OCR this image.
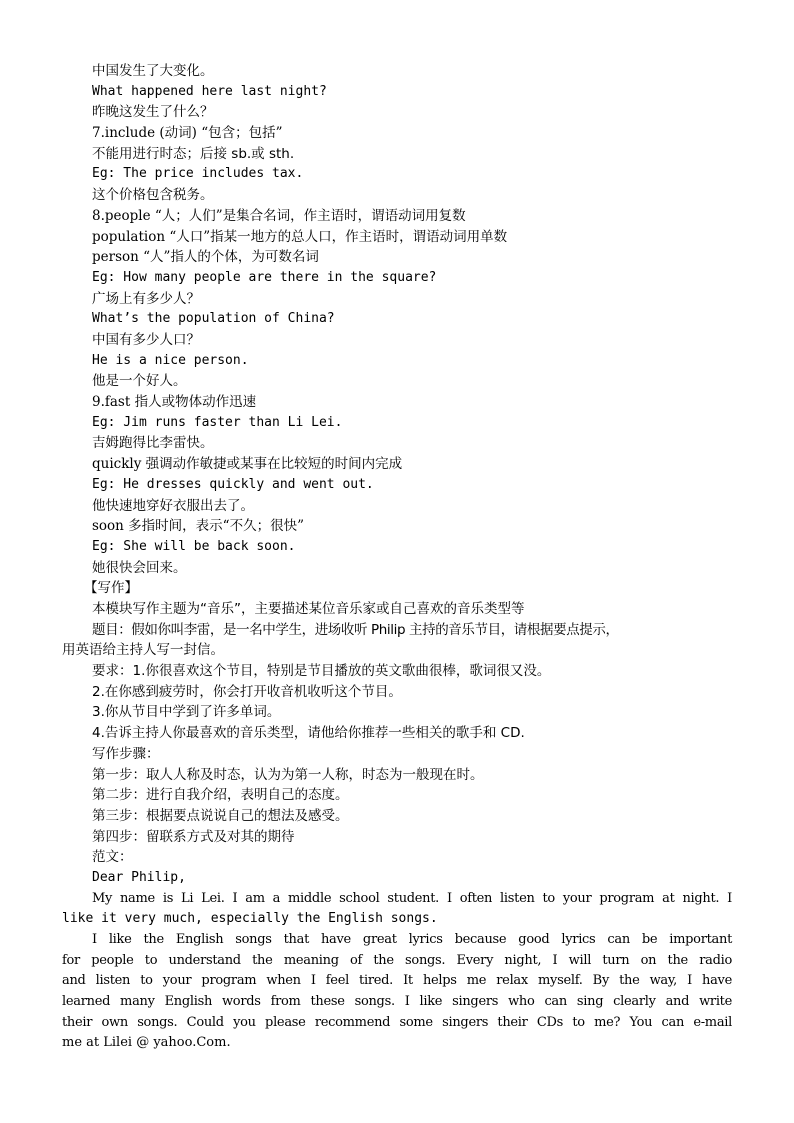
中国发生了大变化。
What happened here last night?
昨晚这发生了什么？
7.include (动词) “包含；包括”
不能用进行时态；后接 sb.或 sth.
Eg: The price includes tax.
这个价格包含税务。
8.people “人；人们”是集合名词，作主语时，谓语动词用复数
population “人口”指某一地方的总人口，作主语时，谓语动词用单数
person “人”指人的个体，为可数名词
Eg: How many people are there in the square?
广场上有多少人？
What’s the population of China?
中国有多少人口？
He is a nice person.
他是一个好人。
9.fast 指人或物体动作迅速
Eg: Jim runs faster than Li Lei.
吉姆跑得比李雷快。
quickly 强调动作敏捷或某事在比较短的时间内完成
Eg: He dresses quickly and went out.
他快速地穿好衣服出去了。
soon 多指时间，表示“不久；很快”
Eg: She will be back soon.
她很快会回来。
【写作】
本模块写作主题为“音乐”，主要描述某位音乐家或自己喜欢的音乐类型等
题目：假如你叫李雷，是一名中学生，进场收听 Philip 主持的音乐节目，请根据要点提示，
用英语给主持人写一封信。
要求：1.你很喜欢这个节目，特别是节目播放的英文歌曲很棒，歌词很又没。
2.在你感到疲劳时，你会打开收音机收听这个节目。
3.你从节目中学到了许多单词。
4.告诉主持人你最喜欢的音乐类型，请他给你推荐一些相关的歌手和 CD.
写作步骤：
第一步：取人人称及时态，认为为第一人称，时态为一般现在时。
第二步：进行自我介绍，表明自己的态度。
第三步：根据要点说说自己的想法及感受。
第四步：留联系方式及对其的期待
范文：
Dear Philip,
My name is Li Lei. I am a middle school student. I often listen to your program at night. I
like it very much, especially the English songs.
I like the English songs that have great lyrics because good lyrics can be important
for people to understand the meaning of the songs. Every night, I will turn on the radio
and listen to your program when I feel tired. It helps me relax myself. By the way, I have
learned many English words from these songs. I like singers who can sing clearly and write
their own songs. Could you please recommend some singers their CDs to me? You can e-mail
me at Lilei @ yahoo.Com.
